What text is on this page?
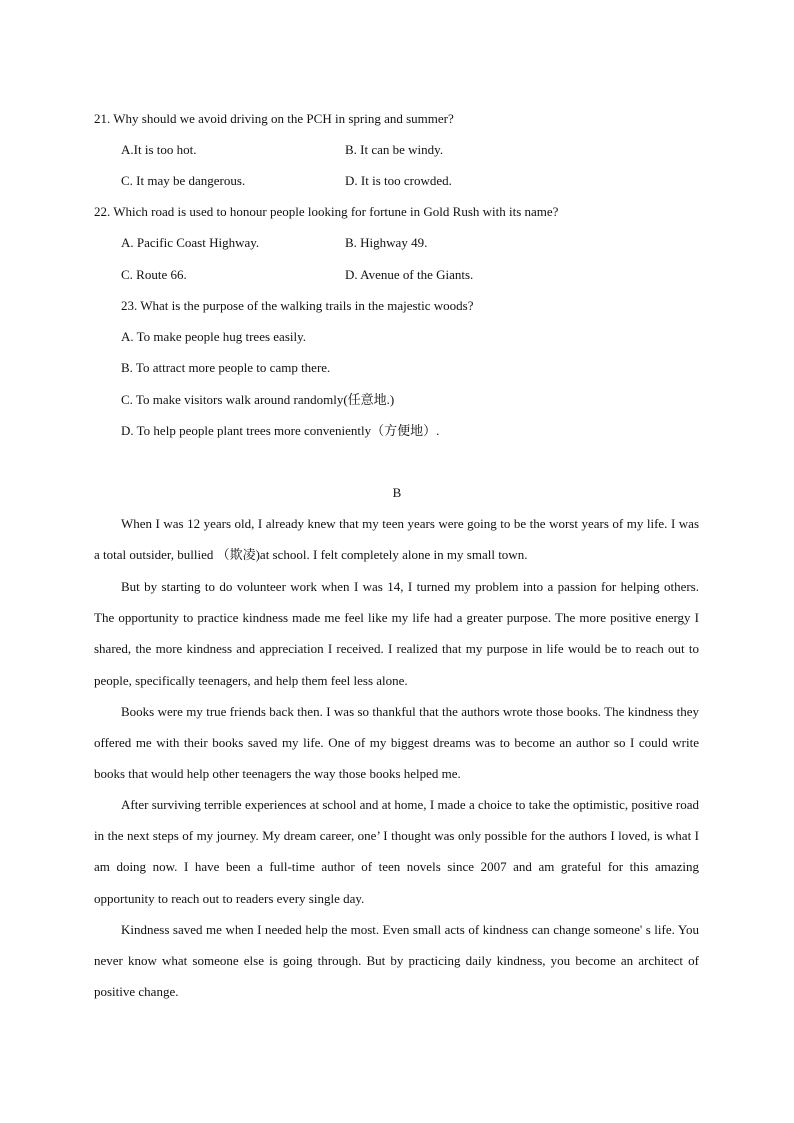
21. Why should we avoid driving on the PCH in spring and summer?
A.It is too hot.	B. It can be windy.
C. It may be dangerous.	D. It is too crowded.
22. Which road is used to honour people looking for fortune in Gold Rush with its name?
A. Pacific Coast Highway.	B. Highway 49.
C. Route 66.	D. Avenue of the Giants.
23. What is the purpose of the walking trails in the majestic woods?
A. To make people hug trees easily.
B. To attract more people to camp there.
C. To make visitors walk around randomly(任意地.)
D. To help people plant trees more conveniently（方便地）.
B
When I was 12 years old, I already knew that my teen years were going to be the worst years of my life. I was a total outsider, bullied （欺凌)at school. I felt completely alone in my small town.
But by starting to do volunteer work when I was 14, I turned my problem into a passion for helping others. The opportunity to practice kindness made me feel like my life had a greater purpose. The more positive energy I shared, the more kindness and appreciation I received. I realized that my purpose in life would be to reach out to people, specifically teenagers, and help them feel less alone.
Books were my true friends back then. I was so thankful that the authors wrote those books. The kindness they offered me with their books saved my life. One of my biggest dreams was to become an author so I could write books that would help other teenagers the way those books helped me.
After surviving terrible experiences at school and at home, I made a choice to take the optimistic, positive road in the next steps of my journey. My dream career, one’ I thought was only possible for the authors I loved, is what I am doing now. I have been a full-time author of teen novels since 2007 and am grateful for this amazing opportunity to reach out to readers every single day.
Kindness saved me when I needed help the most. Even small acts of kindness can change someone' s life. You never know what someone else is going through. But by practicing daily kindness, you become an architect of positive change.
